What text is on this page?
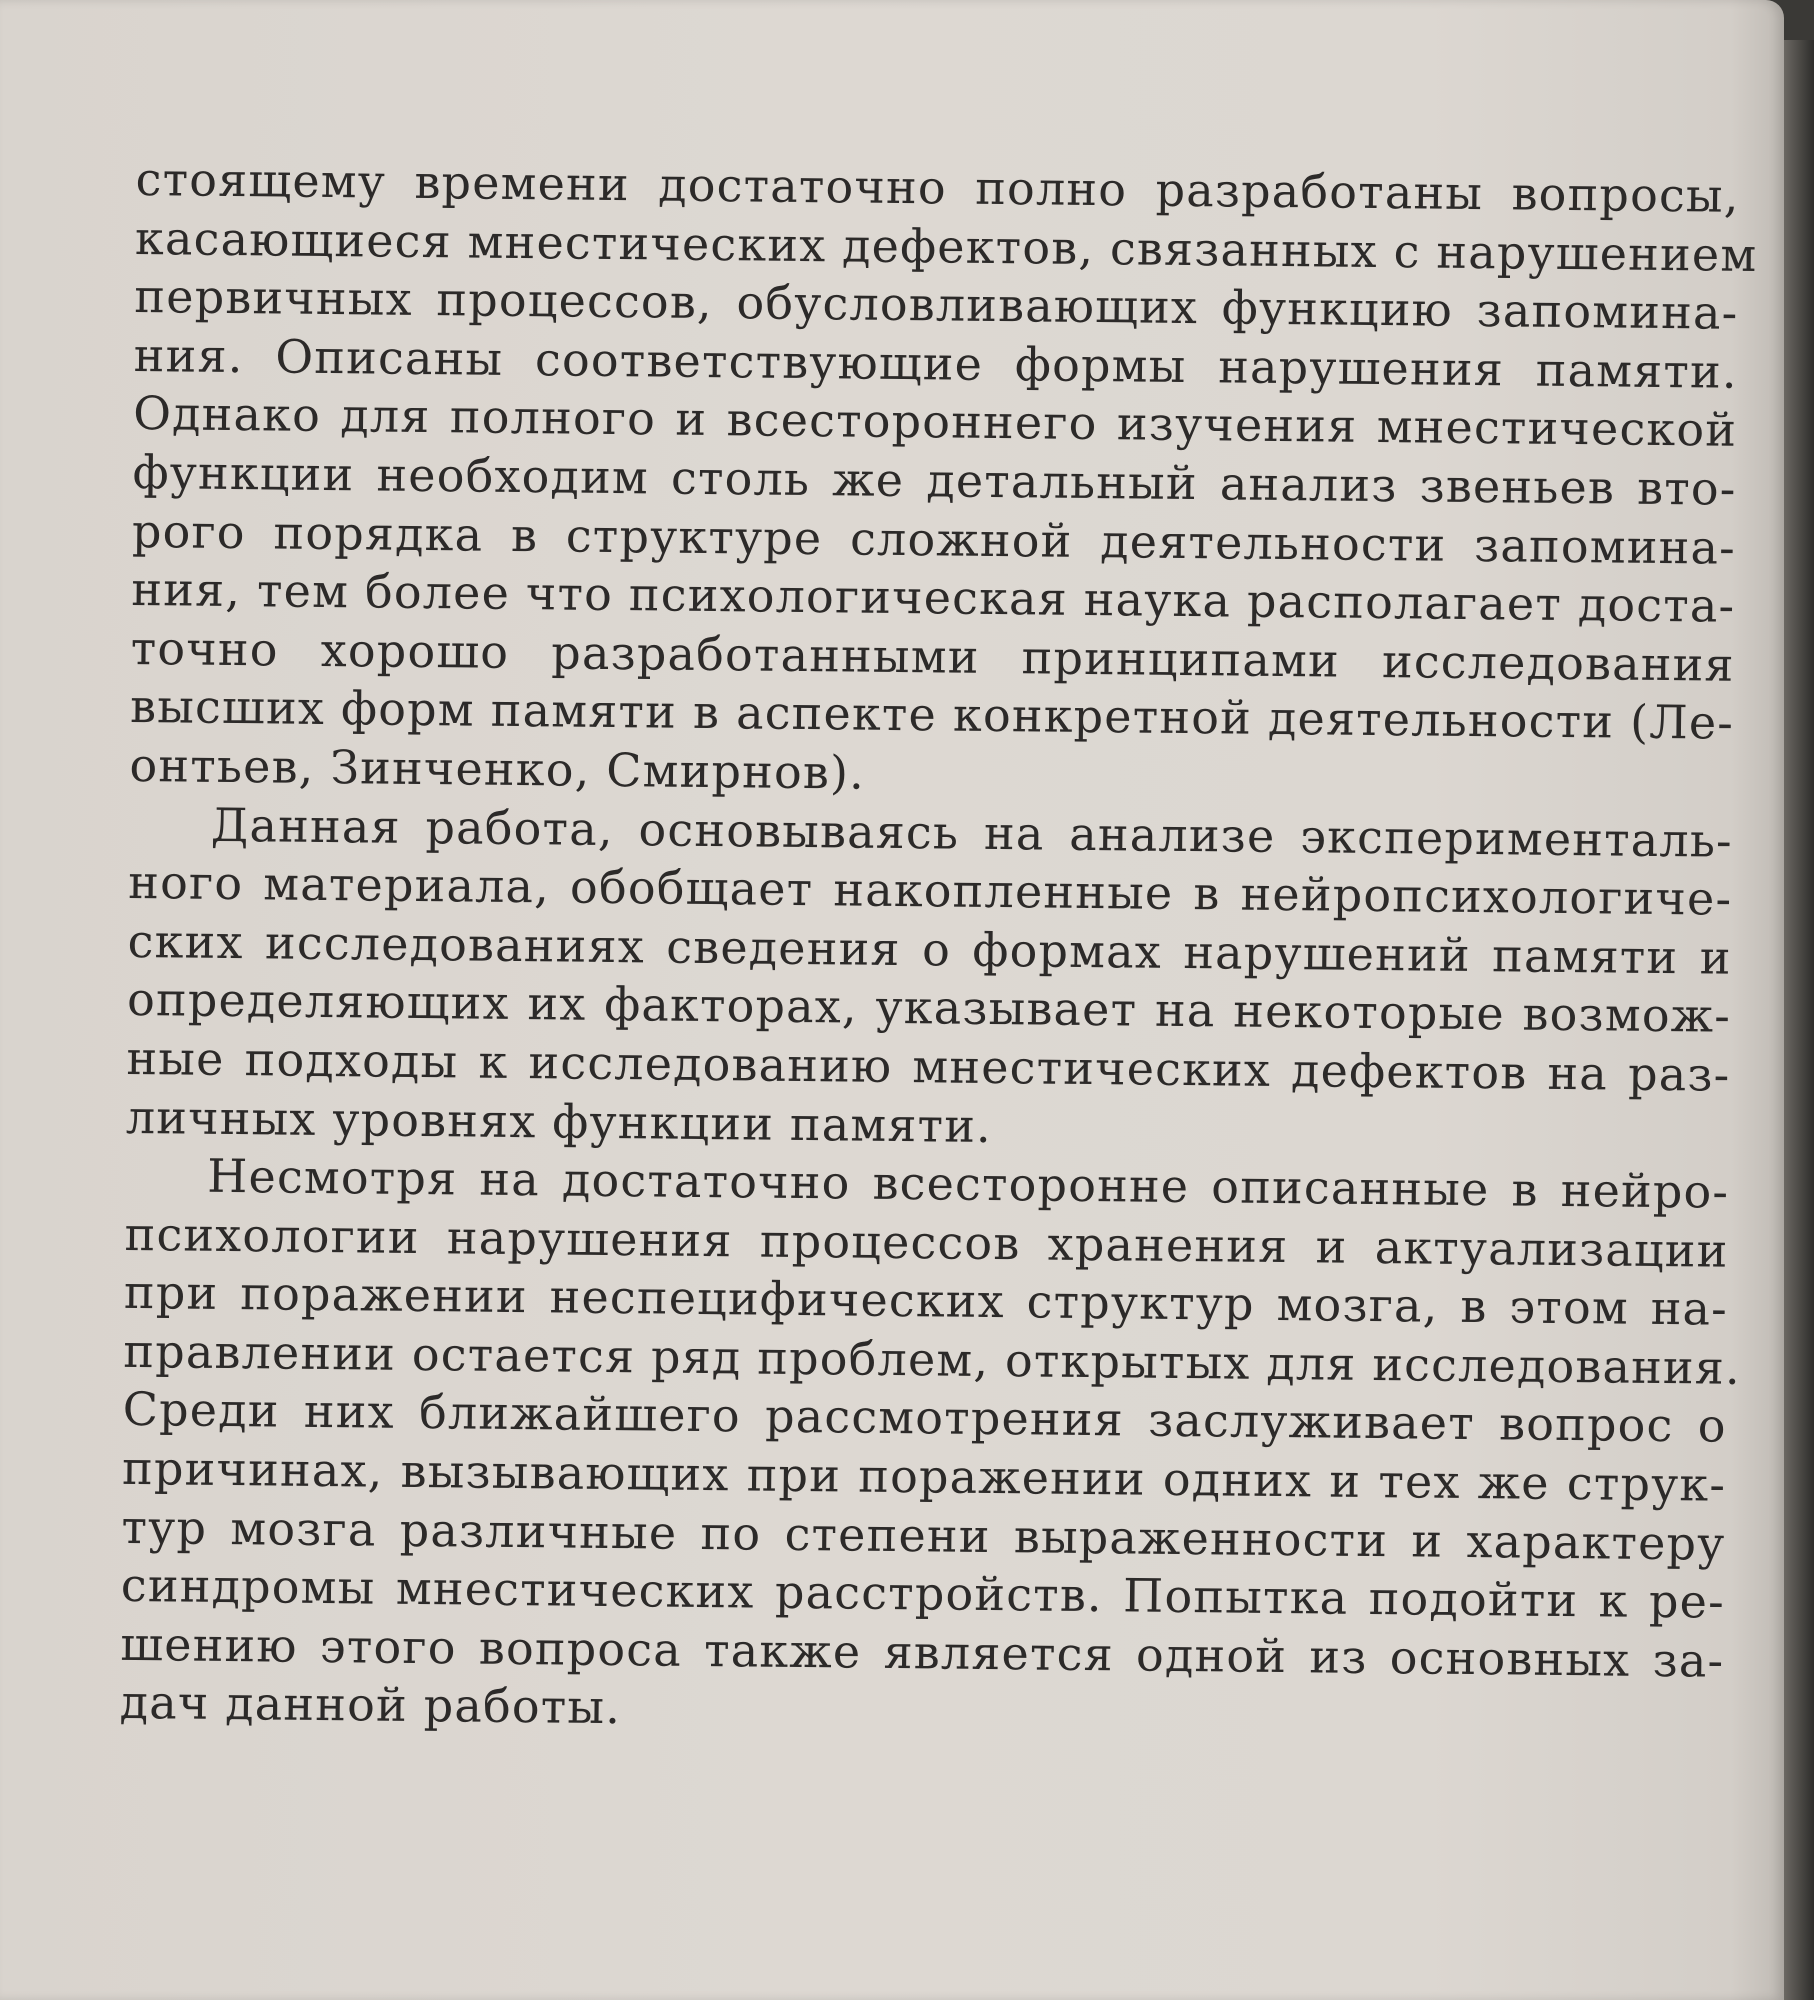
стоящему времени достаточно полно разработаны вопросы,
касающиеся мнестических дефектов, связанных с нарушением
первичных процессов, обусловливающих функцию запомина-
ния. Описаны соответствующие формы нарушения памяти.
Однако для полного и всестороннего изучения мнестической
функции необходим столь же детальный анализ звеньев вто-
рого порядка в структуре сложной деятельности запомина-
ния, тем более что психологическая наука располагает доста-
точно хорошо разработанными принципами исследования
высших форм памяти в аспекте конкретной деятельности (Ле-
онтьев, Зинченко, Смирнов).
Данная работа, основываясь на анализе эксперименталь-
ного материала, обобщает накопленные в нейропсихологиче-
ских исследованиях сведения о формах нарушений памяти и
определяющих их факторах, указывает на некоторые возмож-
ные подходы к исследованию мнестических дефектов на раз-
личных уровнях функции памяти.
Несмотря на достаточно всесторонне описанные в нейро-
психологии нарушения процессов хранения и актуализации
при поражении неспецифических структур мозга, в этом на-
правлении остается ряд проблем, открытых для исследования.
Среди них ближайшего рассмотрения заслуживает вопрос о
причинах, вызывающих при поражении одних и тех же струк-
тур мозга различные по степени выраженности и характеру
синдромы мнестических расстройств. Попытка подойти к ре-
шению этого вопроса также является одной из основных за-
дач данной работы.
